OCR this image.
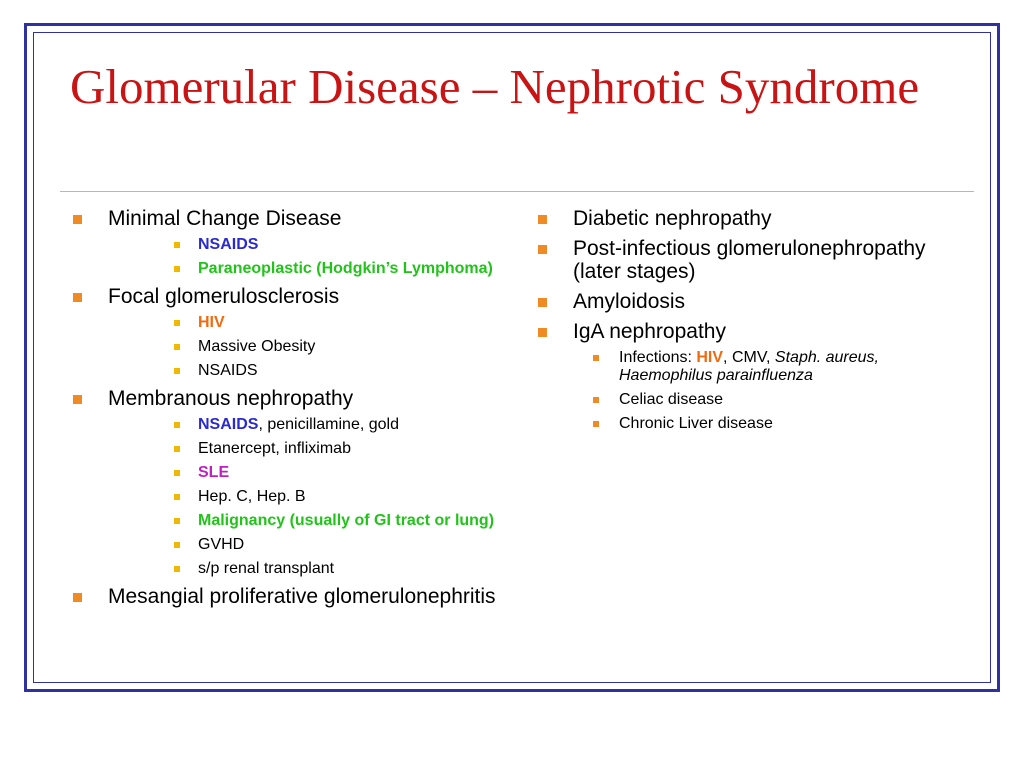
Glomerular Disease – Nephrotic Syndrome
Minimal Change Disease
NSAIDS
Paraneoplastic (Hodgkin’s Lymphoma)
Focal glomerulosclerosis
HIV
Massive Obesity
NSAIDS
Membranous nephropathy
NSAIDS, penicillamine, gold
Etanercept, infliximab
SLE
Hep. C, Hep. B
Malignancy (usually of GI tract or lung)
GVHD
s/p renal transplant
Mesangial proliferative glomerulonephritis
Diabetic nephropathy
Post-infectious glomerulonephropathy (later stages)
Amyloidosis
IgA nephropathy
Infections: HIV, CMV, Staph. aureus, Haemophilus parainfluenza
Celiac disease
Chronic Liver disease
